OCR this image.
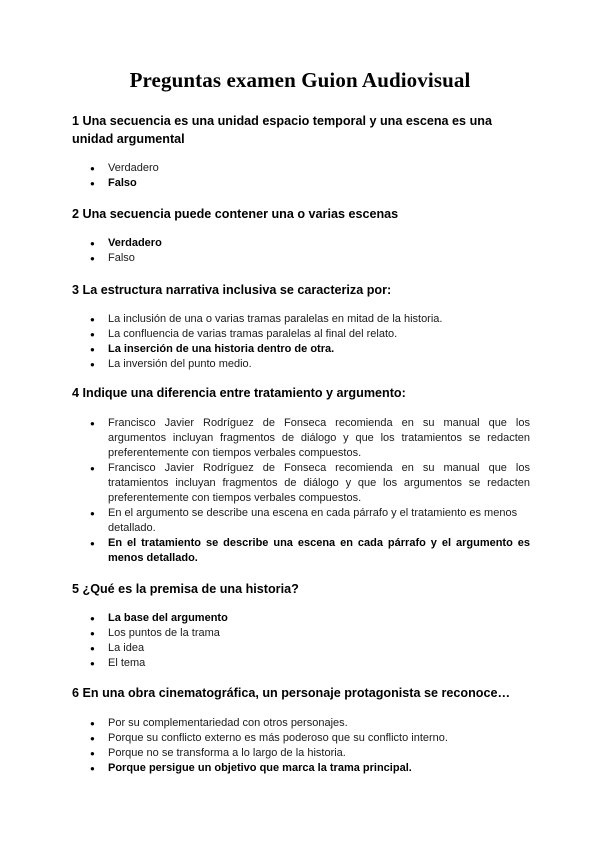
Preguntas examen Guion Audiovisual
1 Una secuencia es una unidad espacio temporal y una escena es una unidad argumental
● Verdadero
● Falso
2 Una secuencia puede contener una o varias escenas
● Verdadero
● Falso
3 La estructura narrativa inclusiva se caracteriza por:
● La inclusión de una o varias tramas paralelas en mitad de la historia.
● La confluencia de varias tramas paralelas al final del relato.
● La inserción de una historia dentro de otra.
● La inversión del punto medio.
4 Indique una diferencia entre tratamiento y argumento:
● Francisco Javier Rodríguez de Fonseca recomienda en su manual que los argumentos incluyan fragmentos de diálogo y que los tratamientos se redacten preferentemente con tiempos verbales compuestos.
● Francisco Javier Rodríguez de Fonseca recomienda en su manual que los tratamientos incluyan fragmentos de diálogo y que los argumentos se redacten preferentemente con tiempos verbales compuestos.
● En el argumento se describe una escena en cada párrafo y el tratamiento es menos detallado.
● En el tratamiento se describe una escena en cada párrafo y el argumento es menos detallado.
5 ¿Qué es la premisa de una historia?
● La base del argumento
● Los puntos de la trama
● La idea
● El tema
6 En una obra cinematográfica, un personaje protagonista se reconoce…
● Por su complementariedad con otros personajes.
● Porque su conflicto externo es más poderoso que su conflicto interno.
● Porque no se transforma a lo largo de la historia.
● Porque persigue un objetivo que marca la trama principal.
